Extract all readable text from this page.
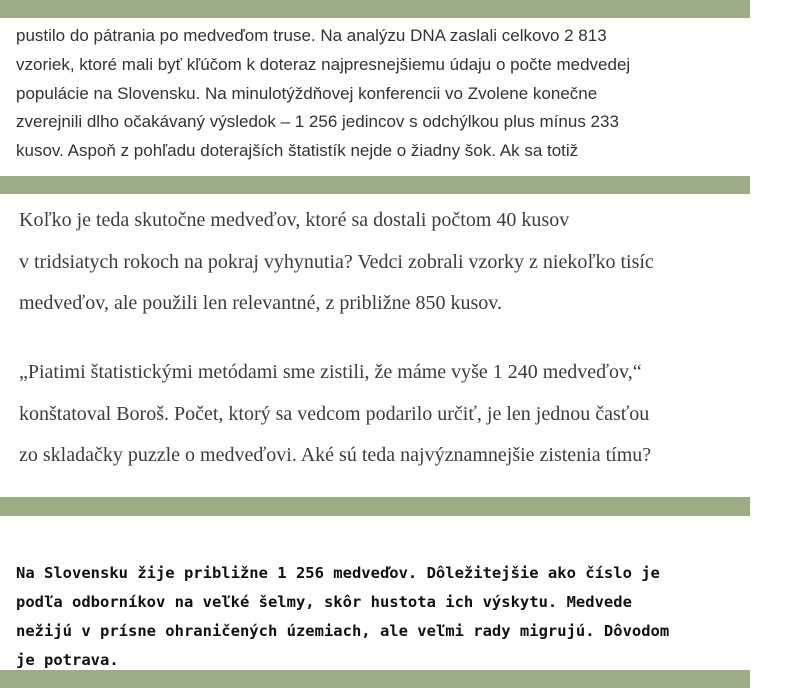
pustilo do pátrania po medveďom truse. Na analýzu DNA zaslali celkovo 2 813
vzoriek, ktoré mali byť kľúčom k doteraz najpresnejšiemu údaju o počte medvedej
populácie na Slovensku. Na minulotýždňovej konferencii vo Zvolene konečne
zverejnili dlho očakávaný výsledok – 1 256 jedincov s odchýlkou plus mínus 233
kusov. Aspoň z pohľadu doterajších štatistík nejde o žiadny šok. Ak sa totiž

Koľko je teda skutočne medveďov, ktoré sa dostali počtom 40 kusov
v tridsiatych rokoch na pokraj vyhynutia? Vedci zobrali vzorky z niekoľko tisíc
medveďov, ale použili len relevantné, z približne 850 kusov.

„Piatimi štatistickými metódami sme zistili, že máme vyše 1 240 medveďov,“
konštatoval Boroš. Počet, ktorý sa vedcom podarilo určiť, je len jednou časťou
zo skladačky puzzle o medveďovi. Aké sú teda najvýznamnejšie zistenia tímu?

Na Slovensku žije približne 1 256 medveďov. Dôležitejšie ako číslo je
podľa odborníkov na veľké šelmy, skôr hustota ich výskytu. Medvede
nežijú v prísne ohraničených územiach, ale veľmi rady migrujú. Dôvodom
je potrava.
